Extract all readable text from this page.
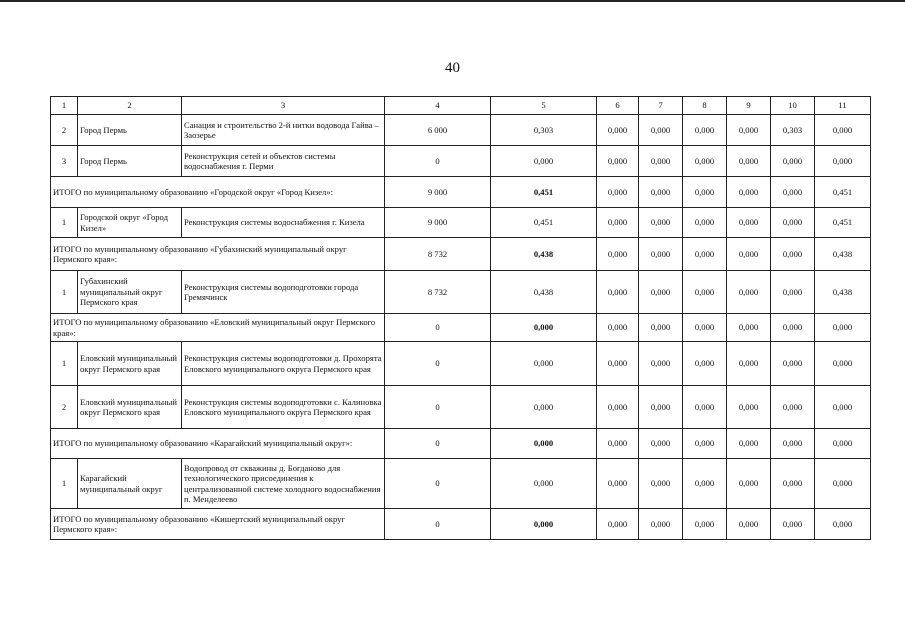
40
1	2	3	4	5	6	7	8	9	10	11
2	Город Пермь	Санация и строительство 2-й нитки водовода Гайва – Заозерье	6 000	0,303	0,000	0,000	0,000	0,000	0,303	0,000
3	Город Пермь	Реконструкция сетей и объектов системы водоснабжения г. Перми	0	0,000	0,000	0,000	0,000	0,000	0,000	0,000
ИТОГО по муниципальному образованию «Городской округ «Город Кизел»:			9 000	0,451	0,000	0,000	0,000	0,000	0,000	0,451
1	Городской округ «Город Кизел»	Реконструкция системы водоснабжения г. Кизела	9 000	0,451	0,000	0,000	0,000	0,000	0,000	0,451
ИТОГО по муниципальному образованию «Губахинский муниципальный округ Пермского края»:			8 732	0,438	0,000	0,000	0,000	0,000	0,000	0,438
1	Губахинский муниципальный округ Пермского края	Реконструкция системы водоподготовки города Гремячинск	8 732	0,438	0,000	0,000	0,000	0,000	0,000	0,438
ИТОГО по муниципальному образованию «Еловский муниципальный округ Пермского края»:			0	0,000	0,000	0,000	0,000	0,000	0,000	0,000
1	Еловский муниципальный округ Пермского края	Реконструкция системы водоподготовки д. Прохорята Еловского муниципального округа Пермского края	0	0,000	0,000	0,000	0,000	0,000	0,000	0,000
2	Еловский муниципальный округ Пермского края	Реконструкция системы водоподготовки с. Калиновка Еловского муниципального округа Пермского края	0	0,000	0,000	0,000	0,000	0,000	0,000	0,000
ИТОГО по муниципальному образованию «Карагайский муниципальный округ»:			0	0,000	0,000	0,000	0,000	0,000	0,000	0,000
1	Карагайский муниципальный округ	Водопровод от скважины д. Богданово для технологического присоединения к централизованной системе холодного водоснабжения п. Менделеево	0	0,000	0,000	0,000	0,000	0,000	0,000	0,000
ИТОГО по муниципальному образованию «Кишертский муниципальный округ Пермского края»:			0	0,000	0,000	0,000	0,000	0,000	0,000	0,000
